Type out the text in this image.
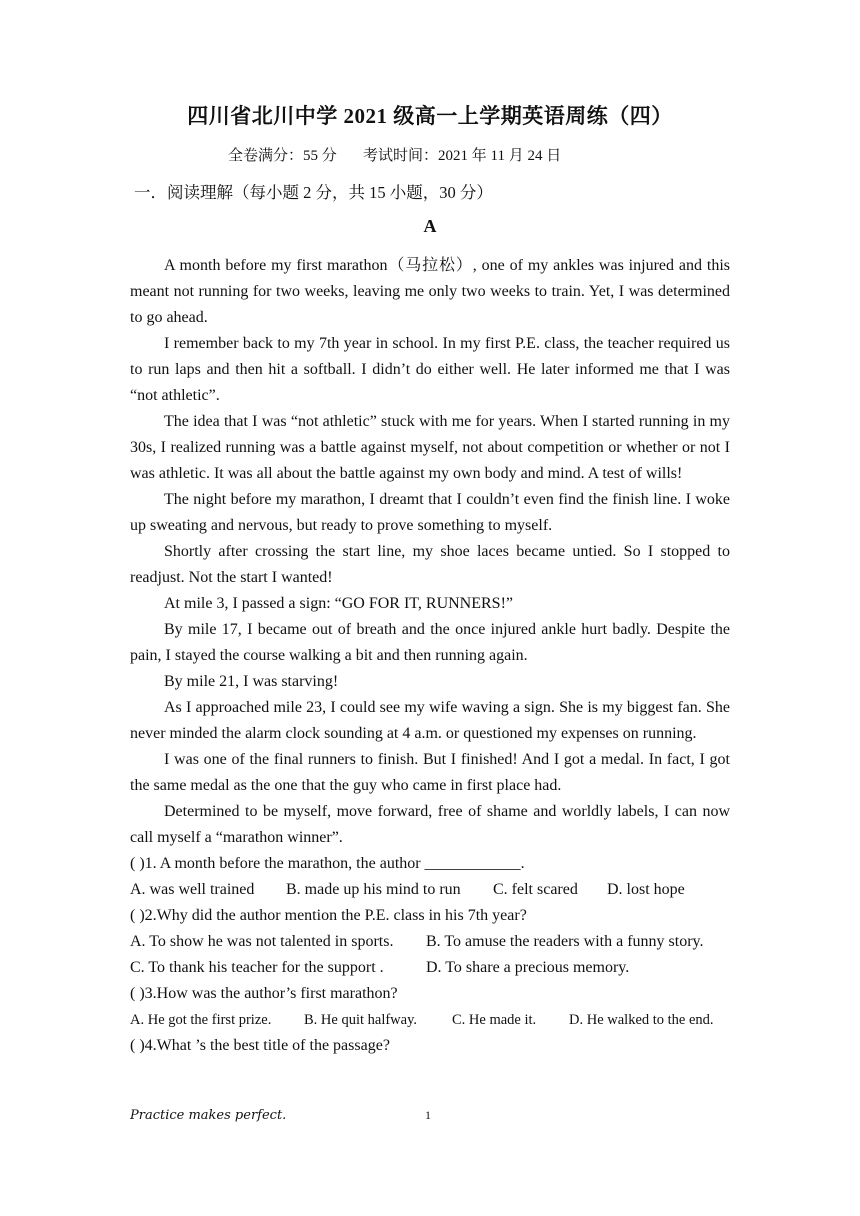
四川省北川中学 2021 级高一上学期英语周练（四）
全卷满分：55 分       考试时间：2021 年 11 月 24 日
一．阅读理解（每小题 2 分，共 15 小题，30 分）
A

A month before my first marathon（马拉松）, one of my ankles was injured and this meant not running for two weeks, leaving me only two weeks to train. Yet, I was determined to go ahead.

I remember back to my 7th year in school. In my first P.E. class, the teacher required us to run laps and then hit a softball. I didn’t do either well. He later informed me that I was “not athletic”.

The idea that I was “not athletic” stuck with me for years. When I started running in my 30s, I realized running was a battle against myself, not about competition or whether or not I was athletic. It was all about the battle against my own body and mind. A test of wills!

The night before my marathon, I dreamt that I couldn’t even find the finish line. I woke up sweating and nervous, but ready to prove something to myself.

Shortly after crossing the start line, my shoe laces became untied. So I stopped to readjust. Not the start I wanted!

At mile 3, I passed a sign: “GO FOR IT, RUNNERS!”

By mile 17, I became out of breath and the once injured ankle hurt badly. Despite the pain, I stayed the course walking a bit and then running again.

By mile 21, I was starving!

As I approached mile 23, I could see my wife waving a sign. She is my biggest fan. She never minded the alarm clock sounding at 4 a.m. or questioned my expenses on running.

I was one of the final runners to finish. But I finished! And I got a medal. In fact, I got the same medal as the one that the guy who came in first place had.

Determined to be myself, move forward, free of shame and worldly labels, I can now call myself a “marathon winner”.

( )1. A month before the marathon, the author ____________.
A. was well trained	B. made up his mind to run	C. felt scared	D. lost hope
( )2.Why did the author mention the P.E. class in his 7th year?
A. To show he was not talented in sports.	B. To amuse the readers with a funny story.
C. To thank his teacher for the support .	D. To share a precious memory.
( )3.How was the author’s first marathon?
A. He got the first prize.	B. He quit halfway.	C. He made it.	D. He walked to the end.
( )4.What ’s the best title of the passage?
Practice makes perfect.	1
